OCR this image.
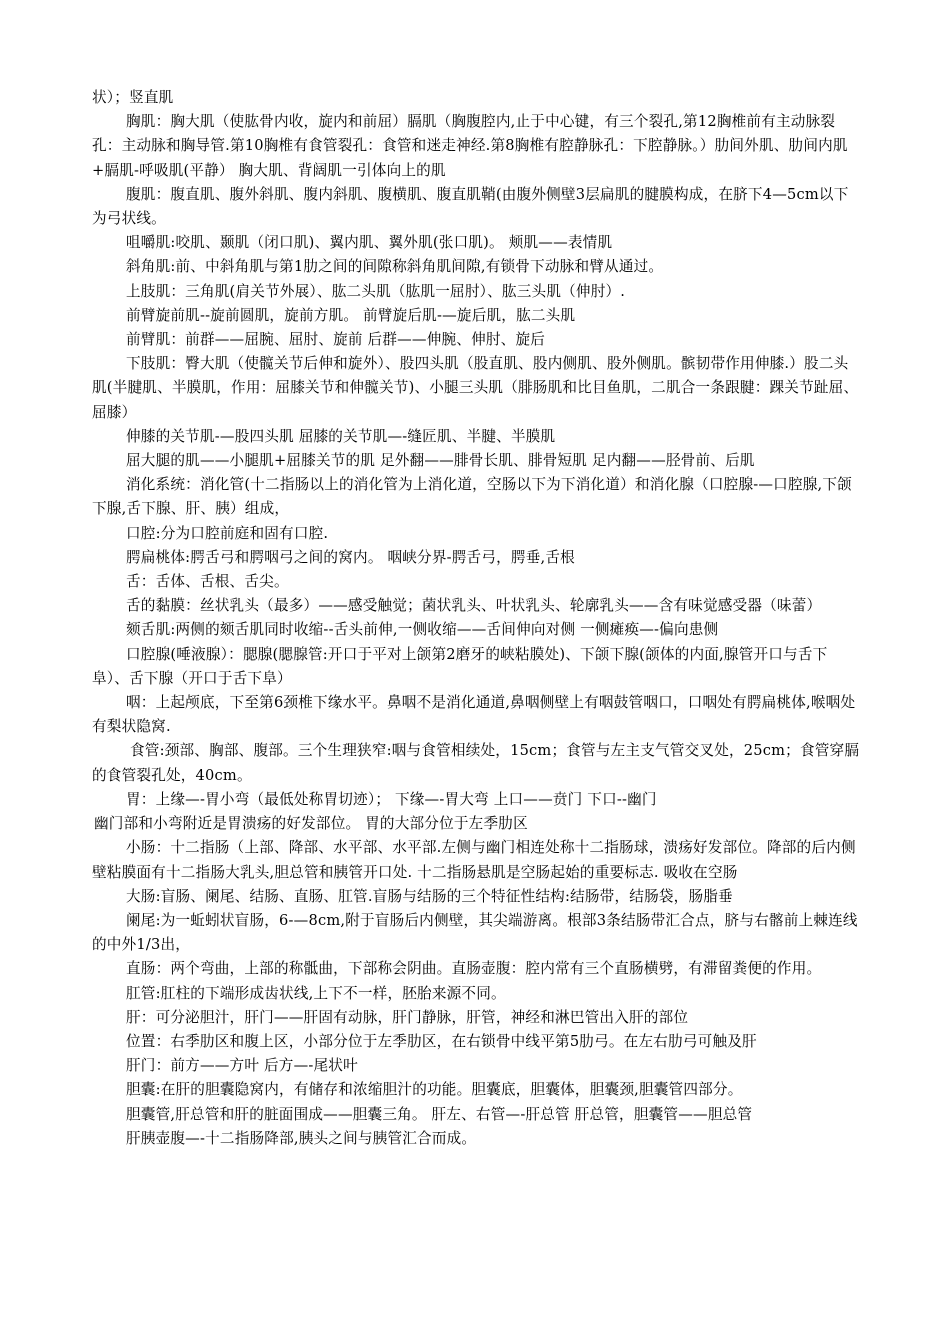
状）；竖直肌

胸肌：胸大肌（使肱骨内收，旋内和前屈）膈肌（胸腹腔内,止于中心键，有三个裂孔,第12胸椎前有主动脉裂孔：主动脉和胸导管.第10胸椎有食管裂孔：食管和迷走神经.第8胸椎有腔静脉孔：下腔静脉。）肋间外肌、肋间内肌+膈肌-呼吸肌(平静） 胸大肌、背阔肌一引体向上的肌

腹肌：腹直肌、腹外斜肌、腹内斜肌、腹横肌、腹直肌鞘(由腹外侧壁3层扁肌的腱膜构成，在脐下4—5cm以下为弓状线。

咀嚼肌:咬肌、颞肌（闭口肌)、翼内肌、翼外肌(张口肌)。 颊肌——表情肌

斜角肌:前、中斜角肌与第1肋之间的间隙称斜角肌间隙,有锁骨下动脉和臂从通过。

上肢肌：三角肌(肩关节外展）、肱二头肌（肱肌一屈肘）、肱三头肌（伸肘）.

前臂旋前肌--旋前圆肌，旋前方肌。 前臂旋后肌-—旋后肌，肱二头肌

前臂肌：前群——屈腕、屈肘、旋前 后群——伸腕、伸肘、旋后

下肢肌：臀大肌（使髋关节后伸和旋外）、股四头肌（股直肌、股内侧肌、股外侧肌。髌韧带作用伸膝.）股二头肌(半腱肌、半膜肌，作用：屈膝关节和伸髋关节)、小腿三头肌（腓肠肌和比目鱼肌，二肌合一条跟腱：踝关节趾屈、屈膝）

伸膝的关节肌-—股四头肌 屈膝的关节肌—-缝匠肌、半腱、半膜肌

屈大腿的肌——小腿肌+屈膝关节的肌 足外翻——腓骨长肌、腓骨短肌 足内翻——胫骨前、后肌

消化系统：消化管(十二指肠以上的消化管为上消化道，空肠以下为下消化道）和消化腺（口腔腺-—口腔腺,下颌下腺,舌下腺、肝、胰）组成，

口腔:分为口腔前庭和固有口腔.

腭扁桃体:腭舌弓和腭咽弓之间的窝内。 咽峡分界-腭舌弓，腭垂,舌根

舌：舌体、舌根、舌尖。

舌的黏膜：丝状乳头（最多）——感受触觉；菌状乳头、叶状乳头、轮廓乳头——含有味觉感受器（味蕾）

颏舌肌:两侧的颏舌肌同时收缩--舌头前伸,一侧收缩——舌间伸向对侧 一侧瘫痪—-偏向患侧

口腔腺(唾液腺）：腮腺(腮腺管:开口于平对上颌第2磨牙的峡粘膜处)、下颌下腺(颌体的内面,腺管开口与舌下阜）、舌下腺（开口于舌下阜）

咽：上起颅底，下至第6颈椎下缘水平。鼻咽不是消化通道,鼻咽侧壁上有咽鼓管咽口，口咽处有腭扁桃体,喉咽处有梨状隐窝.

食管:颈部、胸部、腹部。三个生理狭窄:咽与食管相续处，15cm；食管与左主支气管交叉处，25cm；食管穿膈的食管裂孔处，40cm。

胃：上缘—-胃小弯（最低处称胃切迹）； 下缘—-胃大弯 上口——贲门 下口--幽门

幽门部和小弯附近是胃溃疡的好发部位。 胃的大部分位于左季肋区

小肠：十二指肠（上部、降部、水平部、水平部.左侧与幽门相连处称十二指肠球，溃疡好发部位。降部的后内侧壁粘膜面有十二指肠大乳头,胆总管和胰管开口处. 十二指肠悬肌是空肠起始的重要标志. 吸收在空肠

大肠:盲肠、阑尾、结肠、直肠、肛管.盲肠与结肠的三个特征性结构:结肠带，结肠袋，肠脂垂

阑尾:为一蚯蚓状盲肠，6-—8cm,附于盲肠后内侧壁，其尖端游离。根部3条结肠带汇合点，脐与右髂前上棘连线的中外1/3出，

直肠：两个弯曲，上部的称骶曲，下部称会阴曲。直肠壶腹：腔内常有三个直肠横劈，有滞留粪便的作用。

肛管:肛柱的下端形成齿状线,上下不一样，胚胎来源不同。

肝：可分泌胆汁，肝门——肝固有动脉，肝门静脉，肝管，神经和淋巴管出入肝的部位

位置：右季肋区和腹上区，小部分位于左季肋区，在右锁骨中线平第5肋弓。在左右肋弓可触及肝

肝门：前方——方叶 后方—-尾状叶

胆囊:在肝的胆囊隐窝内，有储存和浓缩胆汁的功能。胆囊底，胆囊体，胆囊颈,胆囊管四部分。

胆囊管,肝总管和肝的脏面围成——胆囊三角。 肝左、右管—-肝总管 肝总管，胆囊管——胆总管

肝胰壶腹—-十二指肠降部,胰头之间与胰管汇合而成。
